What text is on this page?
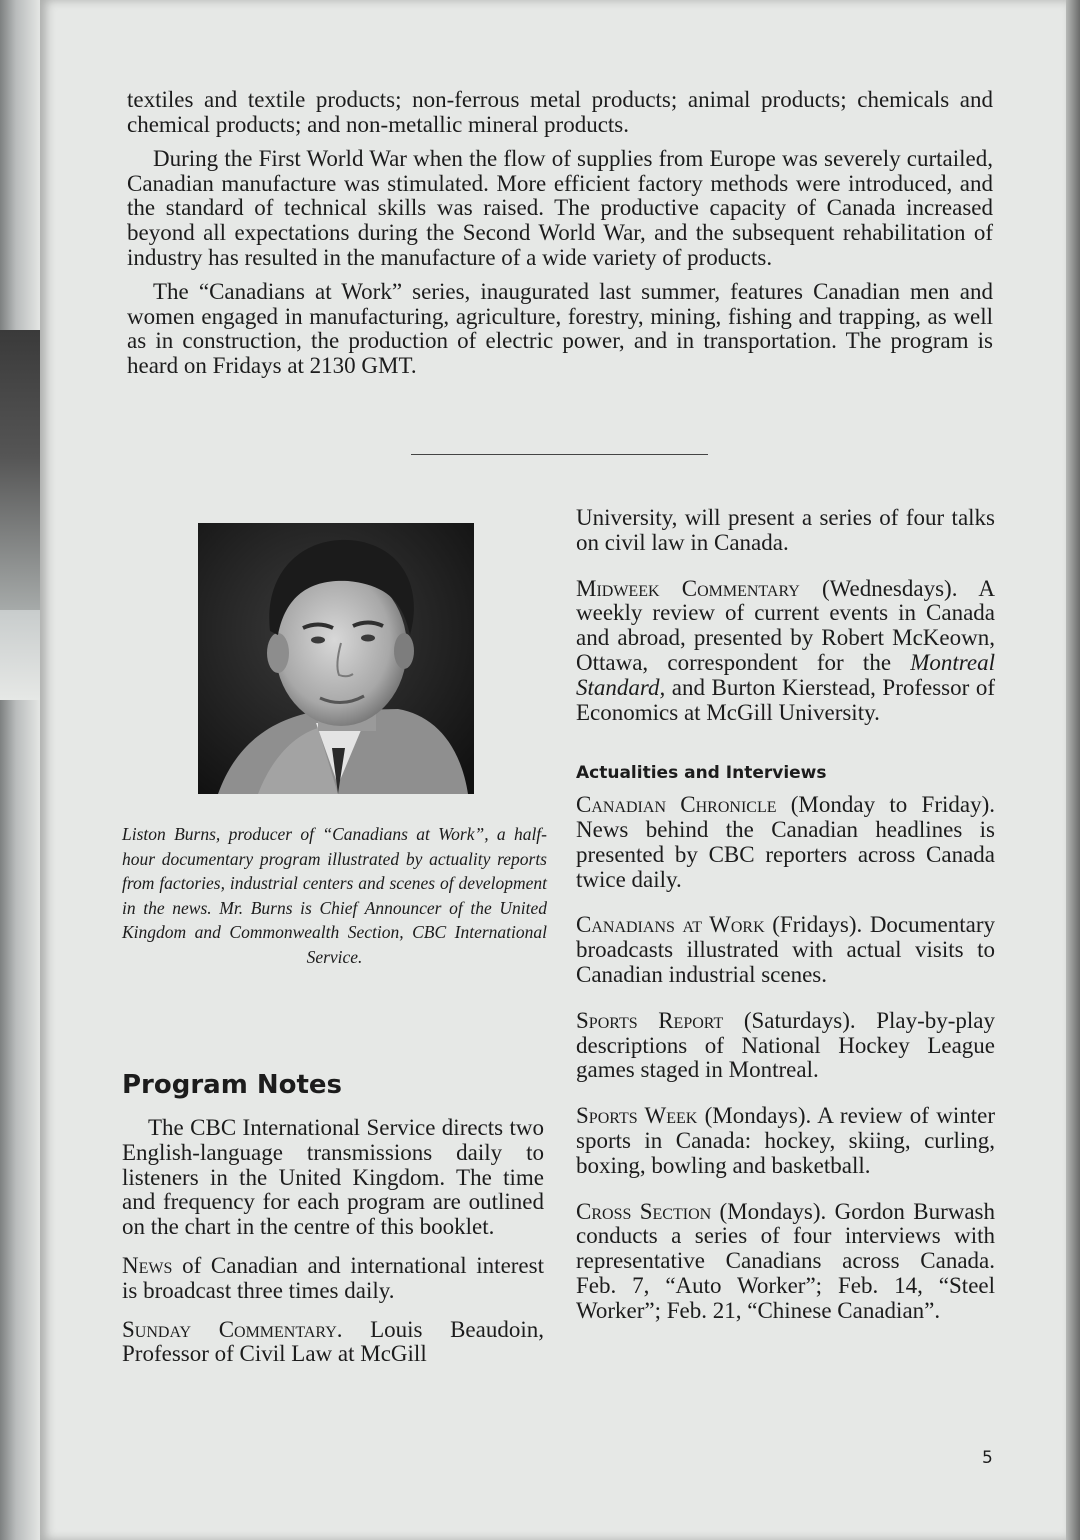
textiles and textile products; non-ferrous metal products; animal products; chemicals and chemical products; and non-metallic mineral products.

During the First World War when the flow of supplies from Europe was severely curtailed, Canadian manufacture was stimulated. More efficient factory methods were introduced, and the standard of technical skills was raised. The productive capacity of Canada increased beyond all expectations during the Second World War, and the subsequent rehabilitation of industry has resulted in the manufacture of a wide variety of products.

The “Canadians at Work” series, inaugurated last summer, features Canadian men and women engaged in manufacturing, agriculture, forestry, mining, fishing and trapping, as well as in construction, the production of electric power, and in transportation. The program is heard on Fridays at 2130 GMT.

Liston Burns, producer of “Canadians at Work”, a half-hour documentary program illustrated by actuality reports from factories, industrial centers and scenes of development in the news. Mr. Burns is Chief Announcer of the United Kingdom and Commonwealth Section, CBC International Service.

Program Notes

The CBC International Service directs two English-language transmissions daily to listeners in the United Kingdom. The time and frequency for each program are outlined on the chart in the centre of this booklet.

News of Canadian and international interest is broadcast three times daily.

Sunday Commentary. Louis Beaudoin, Professor of Civil Law at McGill

University, will present a series of four talks on civil law in Canada.

Midweek Commentary (Wednesdays). A weekly review of current events in Canada and abroad, presented by Robert McKeown, Ottawa, correspondent for the Montreal Standard, and Burton Kierstead, Professor of Economics at McGill University.

Actualities and Interviews

Canadian Chronicle (Monday to Friday). News behind the Canadian headlines is presented by CBC reporters across Canada twice daily.

Canadians at Work (Fridays). Documentary broadcasts illustrated with actual visits to Canadian industrial scenes.

Sports Report (Saturdays). Play-by-play descriptions of National Hockey League games staged in Montreal.

Sports Week (Mondays). A review of winter sports in Canada: hockey, skiing, curling, boxing, bowling and basketball.

Cross Section (Mondays). Gordon Burwash conducts a series of four interviews with representative Canadians across Canada. Feb. 7, “Auto Worker”; Feb. 14, “Steel Worker”; Feb. 21, “Chinese Canadian”.

5
